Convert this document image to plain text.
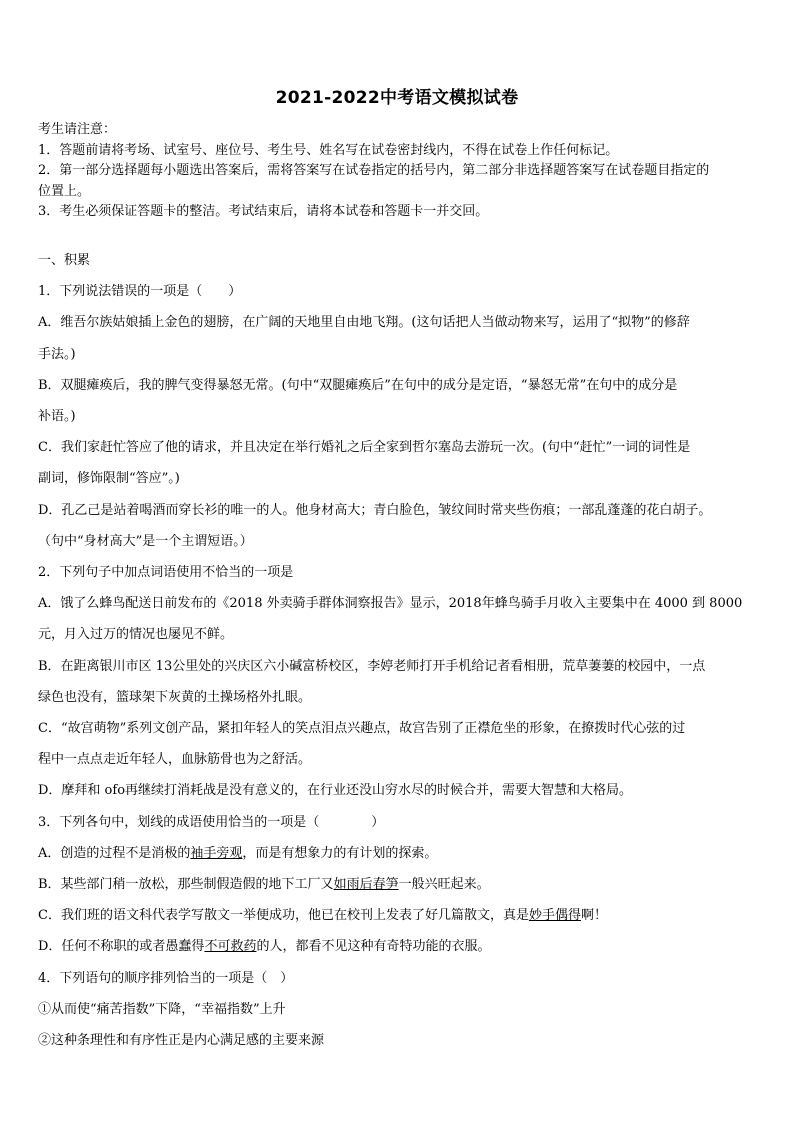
2021-2022中考语文模拟试卷
考生请注意：
1．答题前请将考场、试室号、座位号、考生号、姓名写在试卷密封线内，不得在试卷上作任何标记。
2．第一部分选择题每小题选出答案后，需将答案写在试卷指定的括号内，第二部分非选择题答案写在试卷题目指定的
位置上。
3．考生必须保证答题卡的整洁。考试结束后，请将本试卷和答题卡一并交回。
一、积累
1．下列说法错误的一项是（　　）
A．维吾尔族姑娘插上金色的翅膀，在广阔的天地里自由地飞翔。(这句话把人当做动物来写，运用了“拟物”的修辞
手法。)
B．双腿瘫痪后，我的脾气变得暴怒无常。(句中“双腿瘫痪后”在句中的成分是定语，“暴怒无常”在句中的成分是
补语。)
C．我们家赶忙答应了他的请求，并且决定在举行婚礼之后全家到哲尔塞岛去游玩一次。(句中“赶忙”一词的词性是
副词，修饰限制“答应”。)
D．孔乙己是站着喝酒而穿长衫的唯一的人。他身材高大；青白脸色，皱纹间时常夹些伤痕；一部乱蓬蓬的花白胡子。
（句中“身材高大”是一个主谓短语。）
2．下列句子中加点词语使用不恰当的一项是
A．饿了么蜂鸟配送日前发布的《2018 外卖骑手群体洞察报告》显示，2018年蜂鸟骑手月收入主要集中在 4000 到 8000
元，月入过万的情况也屡见不鲜。
B．在距离银川市区 13公里处的兴庆区六小碱富桥校区，李婷老师打开手机给记者看相册，荒草萋萋的校园中，一点
绿色也没有，篮球架下灰黄的土操场格外扎眼。
C．“故宫萌物”系列文创产品，紧扣年轻人的笑点泪点兴趣点，故宫告别了正襟危坐的形象，在撩拨时代心弦的过
程中一点点走近年轻人，血脉筋骨也为之舒活。
D．摩拜和 ofo再继续打消耗战是没有意义的，在行业还没山穷水尽的时候合并，需要大智慧和大格局。
3．下列各句中，划线的成语使用恰当的一项是（　　　　）
A．创造的过程不是消极的袖手旁观，而是有想象力的有计划的探索。
B．某些部门稍一放松，那些制假造假的地下工厂又如雨后春笋一般兴旺起来。
C．我们班的语文科代表学写散文一举便成功，他已在校刊上发表了好几篇散文，真是妙手偶得啊！
D．任何不称职的或者愚蠢得不可救药的人，都看不见这种有奇特功能的衣服。
4．下列语句的顺序排列恰当的一项是（　）
①从而使“痛苦指数”下降，“幸福指数”上升
②这种条理性和有序性正是内心满足感的主要来源
